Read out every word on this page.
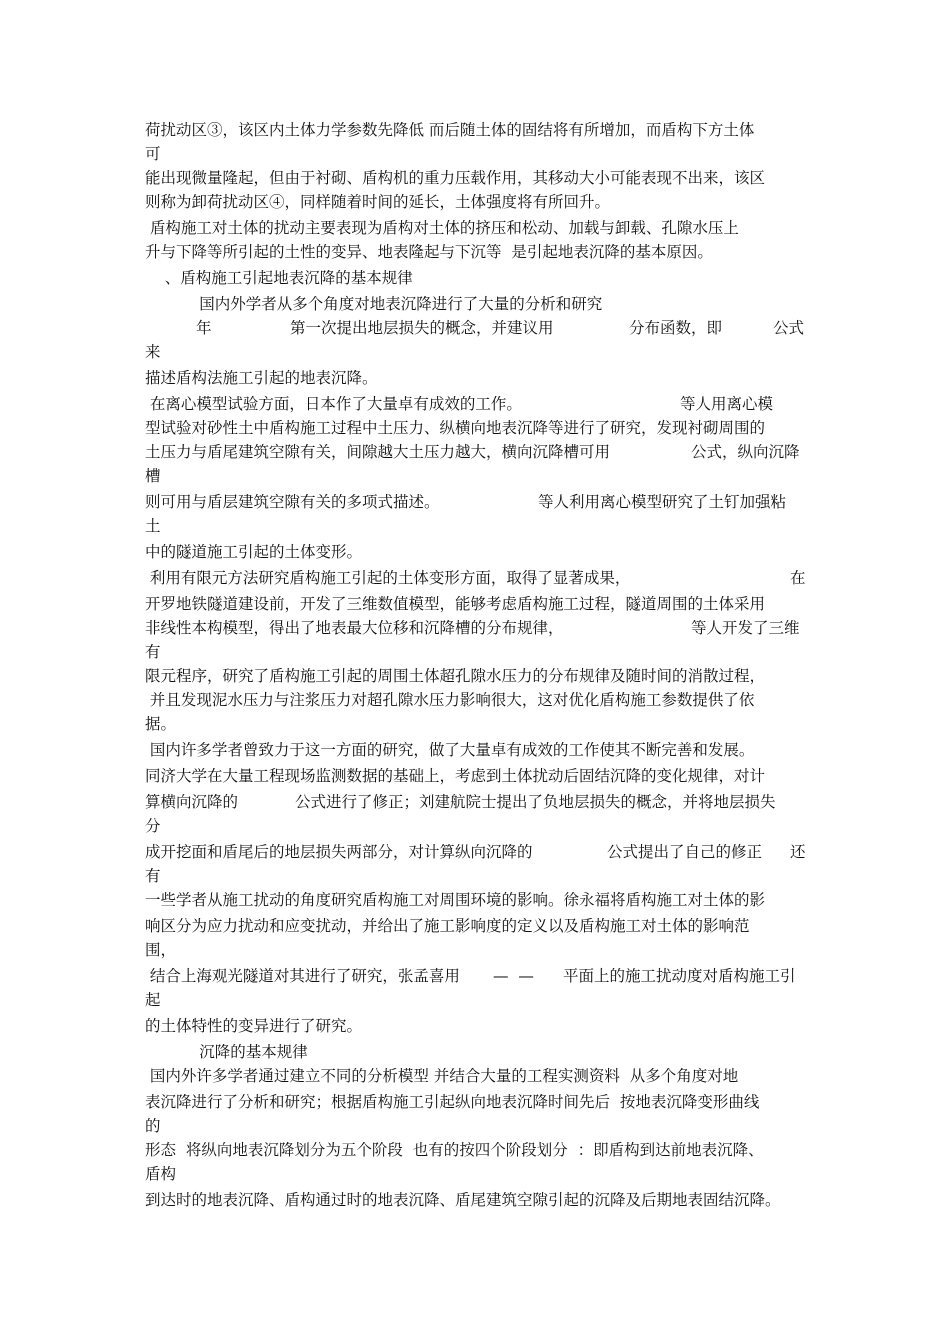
荷扰动区③，该区内土体力学参数先降低 而后随土体的固结将有所增加，而盾构下方土体
可
能出现微量隆起，但由于衬砌、盾构机的重力压载作用，其移动大小可能表现不出来，该区
则称为卸荷扰动区④，同样随着时间的延长，土体强度将有所回升。
盾构施工对土体的扰动主要表现为盾构对土体的挤压和松动、加载与卸载、孔隙水压上
升与下降等所引起的土性的变异、地表隆起与下沉等  是引起地表沉降的基本原因。
、盾构施工引起地表沉降的基本规律
国内外学者从多个角度对地表沉降进行了大量的分析和研究

年

	第一次提出地层损失的概念，并建议用

	分布函数，即

	公式

来
描述盾构法施工引起的地表沉降。

在离心模型试验方面，日本作了大量卓有成效的工作。

	等人用离心模

型试验对砂性土中盾构施工过程中土压力、纵横向地表沉降等进行了研究，发现衬砌周围的

土压力与盾尾建筑空隙有关，间隙越大土压力越大，横向沉降槽可用

	公式，纵向沉降

槽

则可用与盾层建筑空隙有关的多项式描述。

	等人利用离心模型研究了土钉加强粘

土
中的隧道施工引起的土体变形。

利用有限元方法研究盾构施工引起的土体变形方面，取得了显著成果，

	在

开罗地铁隧道建设前，开发了三维数值模型，能够考虑盾构施工过程，隧道周围的土体采用

非线性本构模型，得出了地表最大位移和沉降槽的分布规律，

	等人开发了三维

有
限元程序，研究了盾构施工引起的周围土体超孔隙水压力的分布规律及随时间的消散过程，
并且发现泥水压力与注浆压力对超孔隙水压力影响很大，这对优化盾构施工参数提供了依
据。
国内许多学者曾致力于这一方面的研究，做了大量卓有成效的工作使其不断完善和发展。
同济大学在大量工程现场监测数据的基础上，考虑到土体扰动后固结沉降的变化规律，对计

算横向沉降的

	公式进行了修正；刘建航院士提出了负地层损失的概念，并将地层损失

分

成开挖面和盾尾后的地层损失两部分，对计算纵向沉降的

	公式提出了自己的修正

还

有
一些学者从施工扰动的角度研究盾构施工对周围环境的影响。徐永福将盾构施工对土体的影
响区分为应力扰动和应变扰动，并给出了施工影响度的定义以及盾构施工对土体的影响范
围，

结合上海观光隧道对其进行了研究，张孟喜用

—  —

平面上的施工扰动度对盾构施工引

起
的土体特性的变异进行了研究。
沉降的基本规律
国内外许多学者通过建立不同的分析模型 并结合大量的工程实测资料  从多个角度对地
表沉降进行了分析和研究；根据盾构施工引起纵向地表沉降时间先后  按地表沉降变形曲线
的
形态  将纵向地表沉降划分为五个阶段  也有的按四个阶段划分  ：即盾构到达前地表沉降、
盾构
到达时的地表沉降、盾构通过时的地表沉降、盾尾建筑空隙引起的沉降及后期地表固结沉降。
